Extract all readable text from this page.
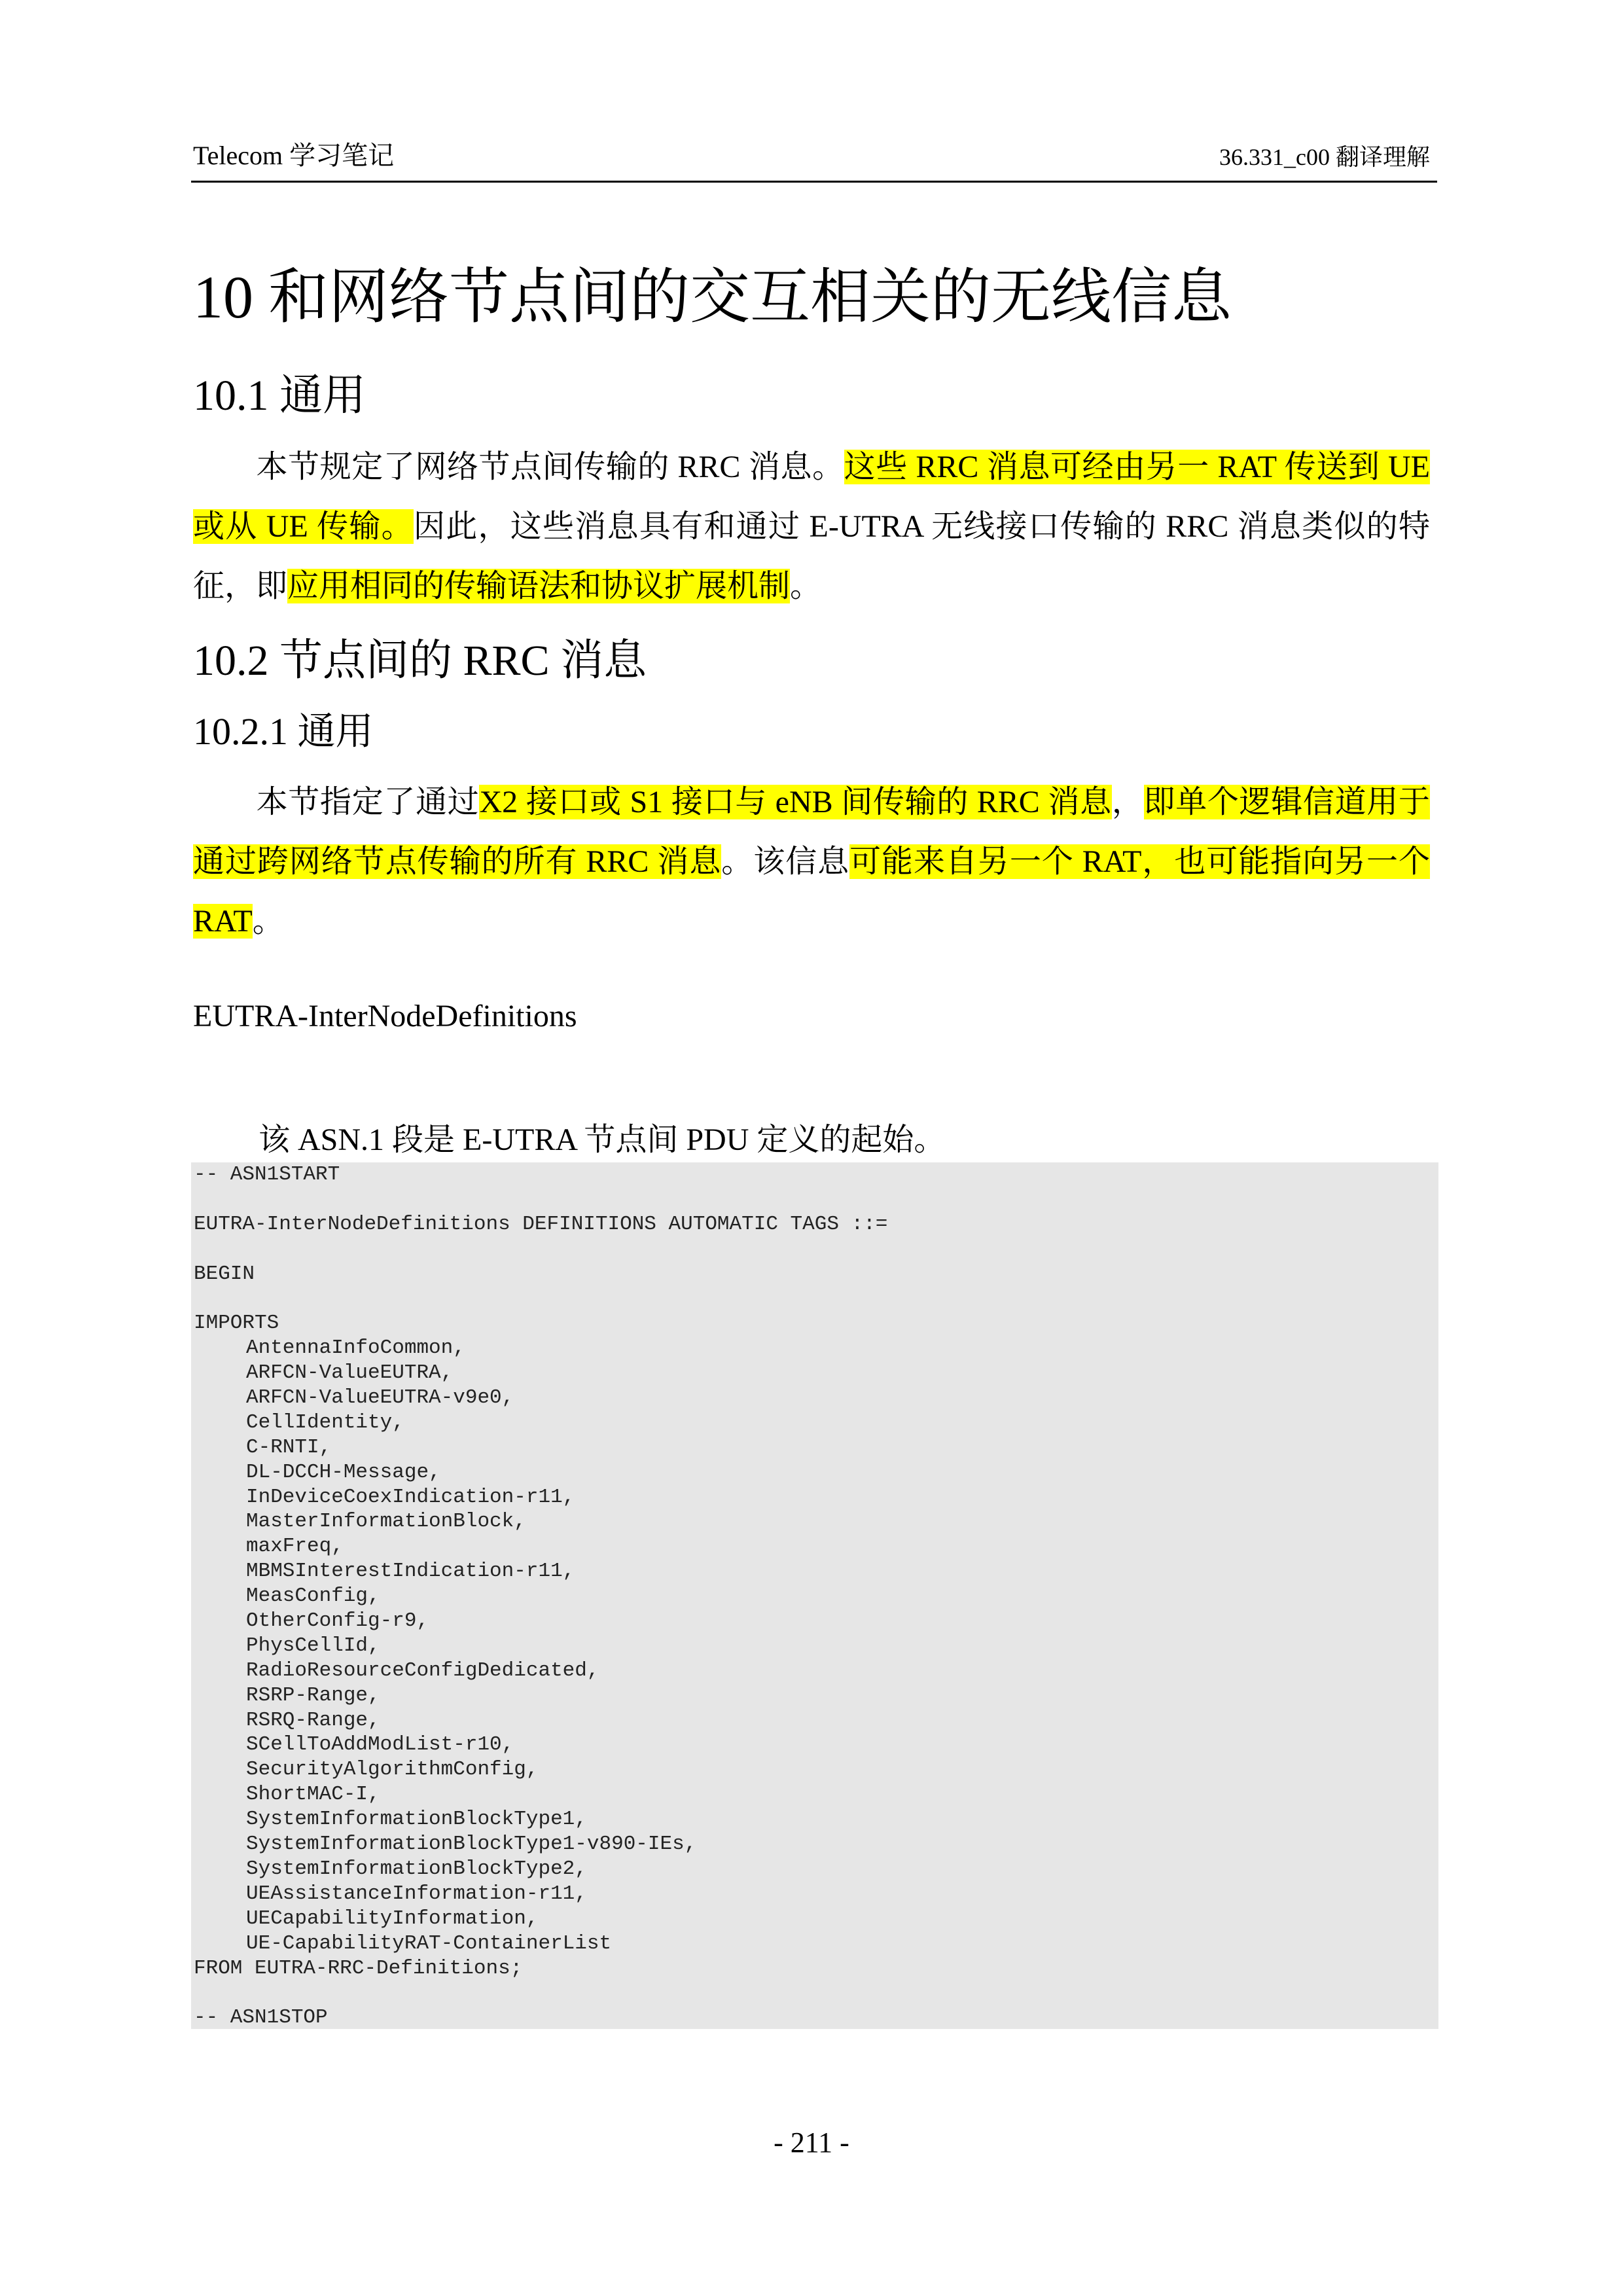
Telecom 学习笔记	36.331_c00 翻译理解
10 和网络节点间的交互相关的无线信息
10.1 通用
  本节规定了网络节点间传输的 RRC 消息。这些 RRC 消息可经由另一 RAT 传送到 UE 或从 UE 传输。因此，这些消息具有和通过 E-UTRA 无线接口传输的 RRC 消息类似的特征，即应用相同的传输语法和协议扩展机制。
10.2 节点间的 RRC 消息
10.2.1 通用
  本节指定了通过X2 接口或 S1 接口与 eNB 间传输的 RRC 消息，即单个逻辑信道用于通过跨网络节点传输的所有 RRC 消息。该信息可能来自另一个 RAT，也可能指向另一个 RAT。
EUTRA-InterNodeDefinitions
该 ASN.1 段是 E-UTRA 节点间 PDU 定义的起始。
-- ASN1START
EUTRA-InterNodeDefinitions DEFINITIONS AUTOMATIC TAGS ::=
BEGIN
IMPORTS
AntennaInfoCommon,
ARFCN-ValueEUTRA,
ARFCN-ValueEUTRA-v9e0,
CellIdentity,
C-RNTI,
DL-DCCH-Message,
InDeviceCoexIndication-r11,
MasterInformationBlock,
maxFreq,
MBMSInterestIndication-r11,
MeasConfig,
OtherConfig-r9,
PhysCellId,
RadioResourceConfigDedicated,
RSRP-Range,
RSRQ-Range,
SCellToAddModList-r10,
SecurityAlgorithmConfig,
ShortMAC-I,
SystemInformationBlockType1,
SystemInformationBlockType1-v890-IEs,
SystemInformationBlockType2,
UEAssistanceInformation-r11,
UECapabilityInformation,
UE-CapabilityRAT-ContainerList
FROM EUTRA-RRC-Definitions;
-- ASN1STOP
- 211 -
